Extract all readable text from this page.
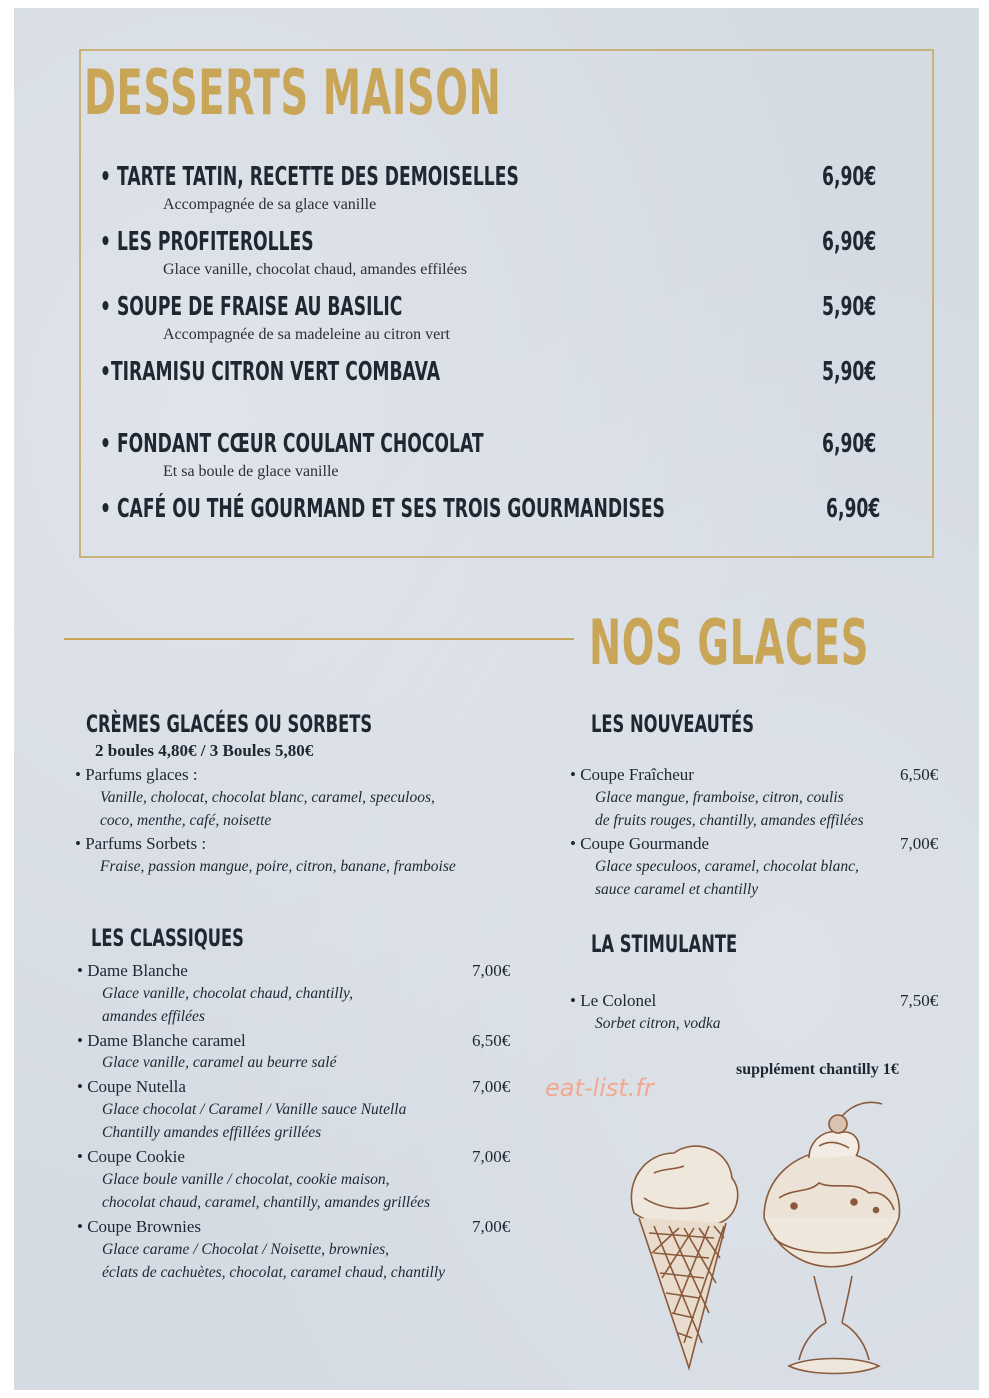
DESSERTS MAISON
• TARTE TATIN, RECETTE DES DEMOISELLES	6,90€
Accompagnée de sa glace vanille
• LES PROFITEROLLES	6,90€
Glace vanille, chocolat chaud, amandes effilées
• SOUPE DE FRAISE AU BASILIC	5,90€
Accompagnée de sa madeleine au citron vert
•TIRAMISU CITRON VERT COMBAVA	5,90€
• FONDANT CŒUR COULANT CHOCOLAT	6,90€
Et sa boule de glace vanille
• CAFÉ OU THÉ GOURMAND ET SES TROIS GOURMANDISES	6,90€
NOS GLACES
CRÈMES GLACÉES OU SORBETS
2 boules 4,80€ / 3 Boules 5,80€
• Parfums glaces :
Vanille, cholocat, chocolat blanc, caramel, speculoos,
coco, menthe, café, noisette
• Parfums Sorbets :
Fraise, passion mangue, poire, citron, banane, framboise
LES CLASSIQUES
• Dame Blanche	7,00€
Glace vanille, chocolat chaud, chantilly,
amandes effilées
• Dame Blanche caramel	6,50€
Glace vanille, caramel au beurre salé
• Coupe Nutella	7,00€
Glace chocolat / Caramel / Vanille sauce Nutella
Chantilly amandes effillées grillées
• Coupe Cookie	7,00€
Glace boule vanille / chocolat, cookie maison,
chocolat chaud, caramel, chantilly, amandes grillées
• Coupe Brownies	7,00€
Glace carame / Chocolat / Noisette, brownies,
éclats de cachuètes, chocolat, caramel chaud, chantilly
LES NOUVEAUTÉS
• Coupe Fraîcheur	6,50€
Glace mangue, framboise, citron, coulis
de fruits rouges, chantilly, amandes effilées
• Coupe Gourmande	7,00€
Glace speculoos, caramel, chocolat blanc,
sauce caramel et chantilly
LA STIMULANTE
• Le Colonel	7,50€
Sorbet citron, vodka
supplément chantilly 1€
eat-list.fr
